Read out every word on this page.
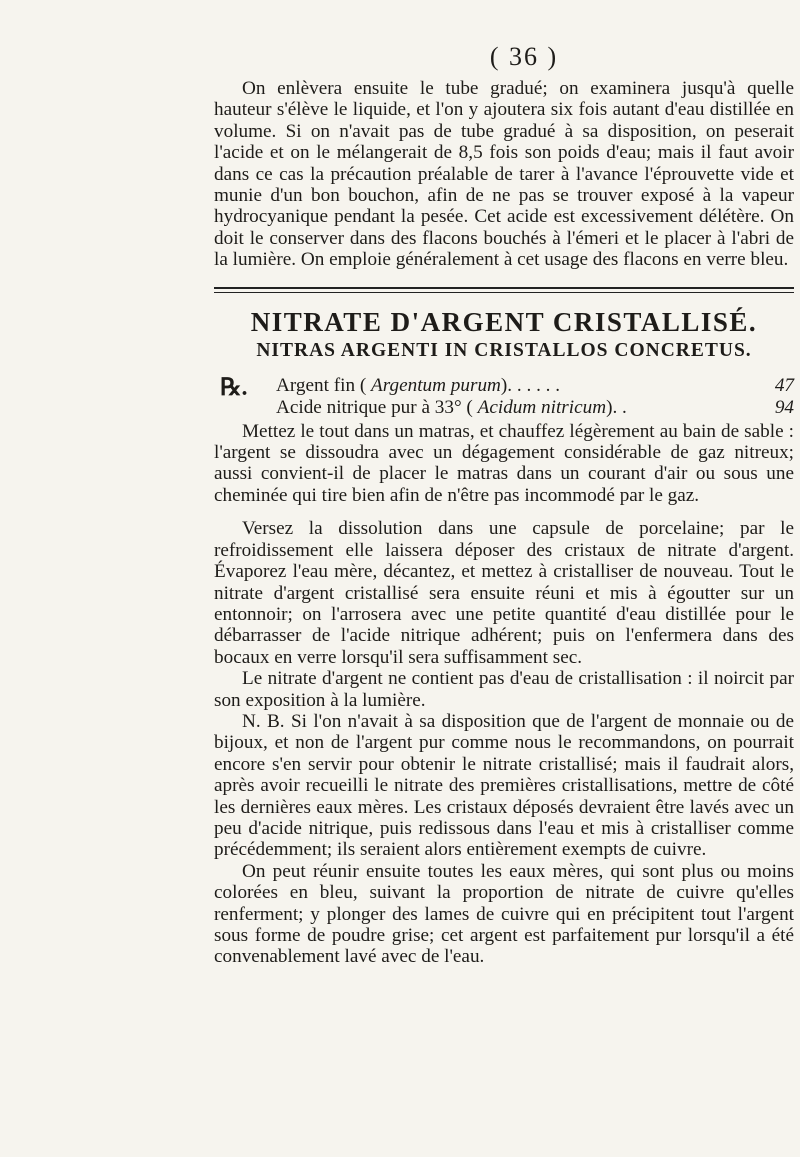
( 36 )

On enlèvera ensuite le tube gradué; on examinera jusqu'à quelle hauteur s'élève le liquide, et l'on y ajoutera six fois autant d'eau distillée en volume. Si on n'avait pas de tube gradué à sa disposition, on peserait l'acide et on le mélangerait de 8,5 fois son poids d'eau; mais il faut avoir dans ce cas la précaution préalable de tarer à l'avance l'éprouvette vide et munie d'un bon bouchon, afin de ne pas se trouver exposé à la vapeur hydrocyanique pendant la pesée. Cet acide est excessivement délétère. On doit le conserver dans des flacons bouchés à l'émeri et le placer à l'abri de la lumière. On emploie généralement à cet usage des flacons en verre bleu.

NITRATE D'ARGENT CRISTALLISÉ.
NITRAS ARGENTI IN CRISTALLOS CONCRETUS.
℞. Argent fin ( Argentum purum). . . . . .	47
Acide nitrique pur à 33° ( Acidum nitricum). .	94

Mettez le tout dans un matras, et chauffez légèrement au bain de sable : l'argent se dissoudra avec un dégagement considérable de gaz nitreux; aussi convient-il de placer le matras dans un courant d'air ou sous une cheminée qui tire bien afin de n'être pas incommodé par le gaz.

Versez la dissolution dans une capsule de porcelaine; par le refroidissement elle laissera déposer des cristaux de nitrate d'argent. Évaporez l'eau mère, décantez, et mettez à cristalliser de nouveau. Tout le nitrate d'argent cristallisé sera ensuite réuni et mis à égoutter sur un entonnoir; on l'arrosera avec une petite quantité d'eau distillée pour le débarrasser de l'acide nitrique adhérent; puis on l'enfermera dans des bocaux en verre lorsqu'il sera suffisamment sec.

Le nitrate d'argent ne contient pas d'eau de cristallisation : il noircit par son exposition à la lumière.

N. B. Si l'on n'avait à sa disposition que de l'argent de monnaie ou de bijoux, et non de l'argent pur comme nous le recommandons, on pourrait encore s'en servir pour obtenir le nitrate cristallisé; mais il faudrait alors, après avoir recueilli le nitrate des premières cristallisations, mettre de côté les dernières eaux mères. Les cristaux déposés devraient être lavés avec un peu d'acide nitrique, puis redissous dans l'eau et mis à cristalliser comme précédemment; ils seraient alors entièrement exempts de cuivre.

On peut réunir ensuite toutes les eaux mères, qui sont plus ou moins colorées en bleu, suivant la proportion de nitrate de cuivre qu'elles renferment; y plonger des lames de cuivre qui en précipitent tout l'argent sous forme de poudre grise; cet argent est parfaitement pur lorsqu'il a été convenablement lavé avec de l'eau.
